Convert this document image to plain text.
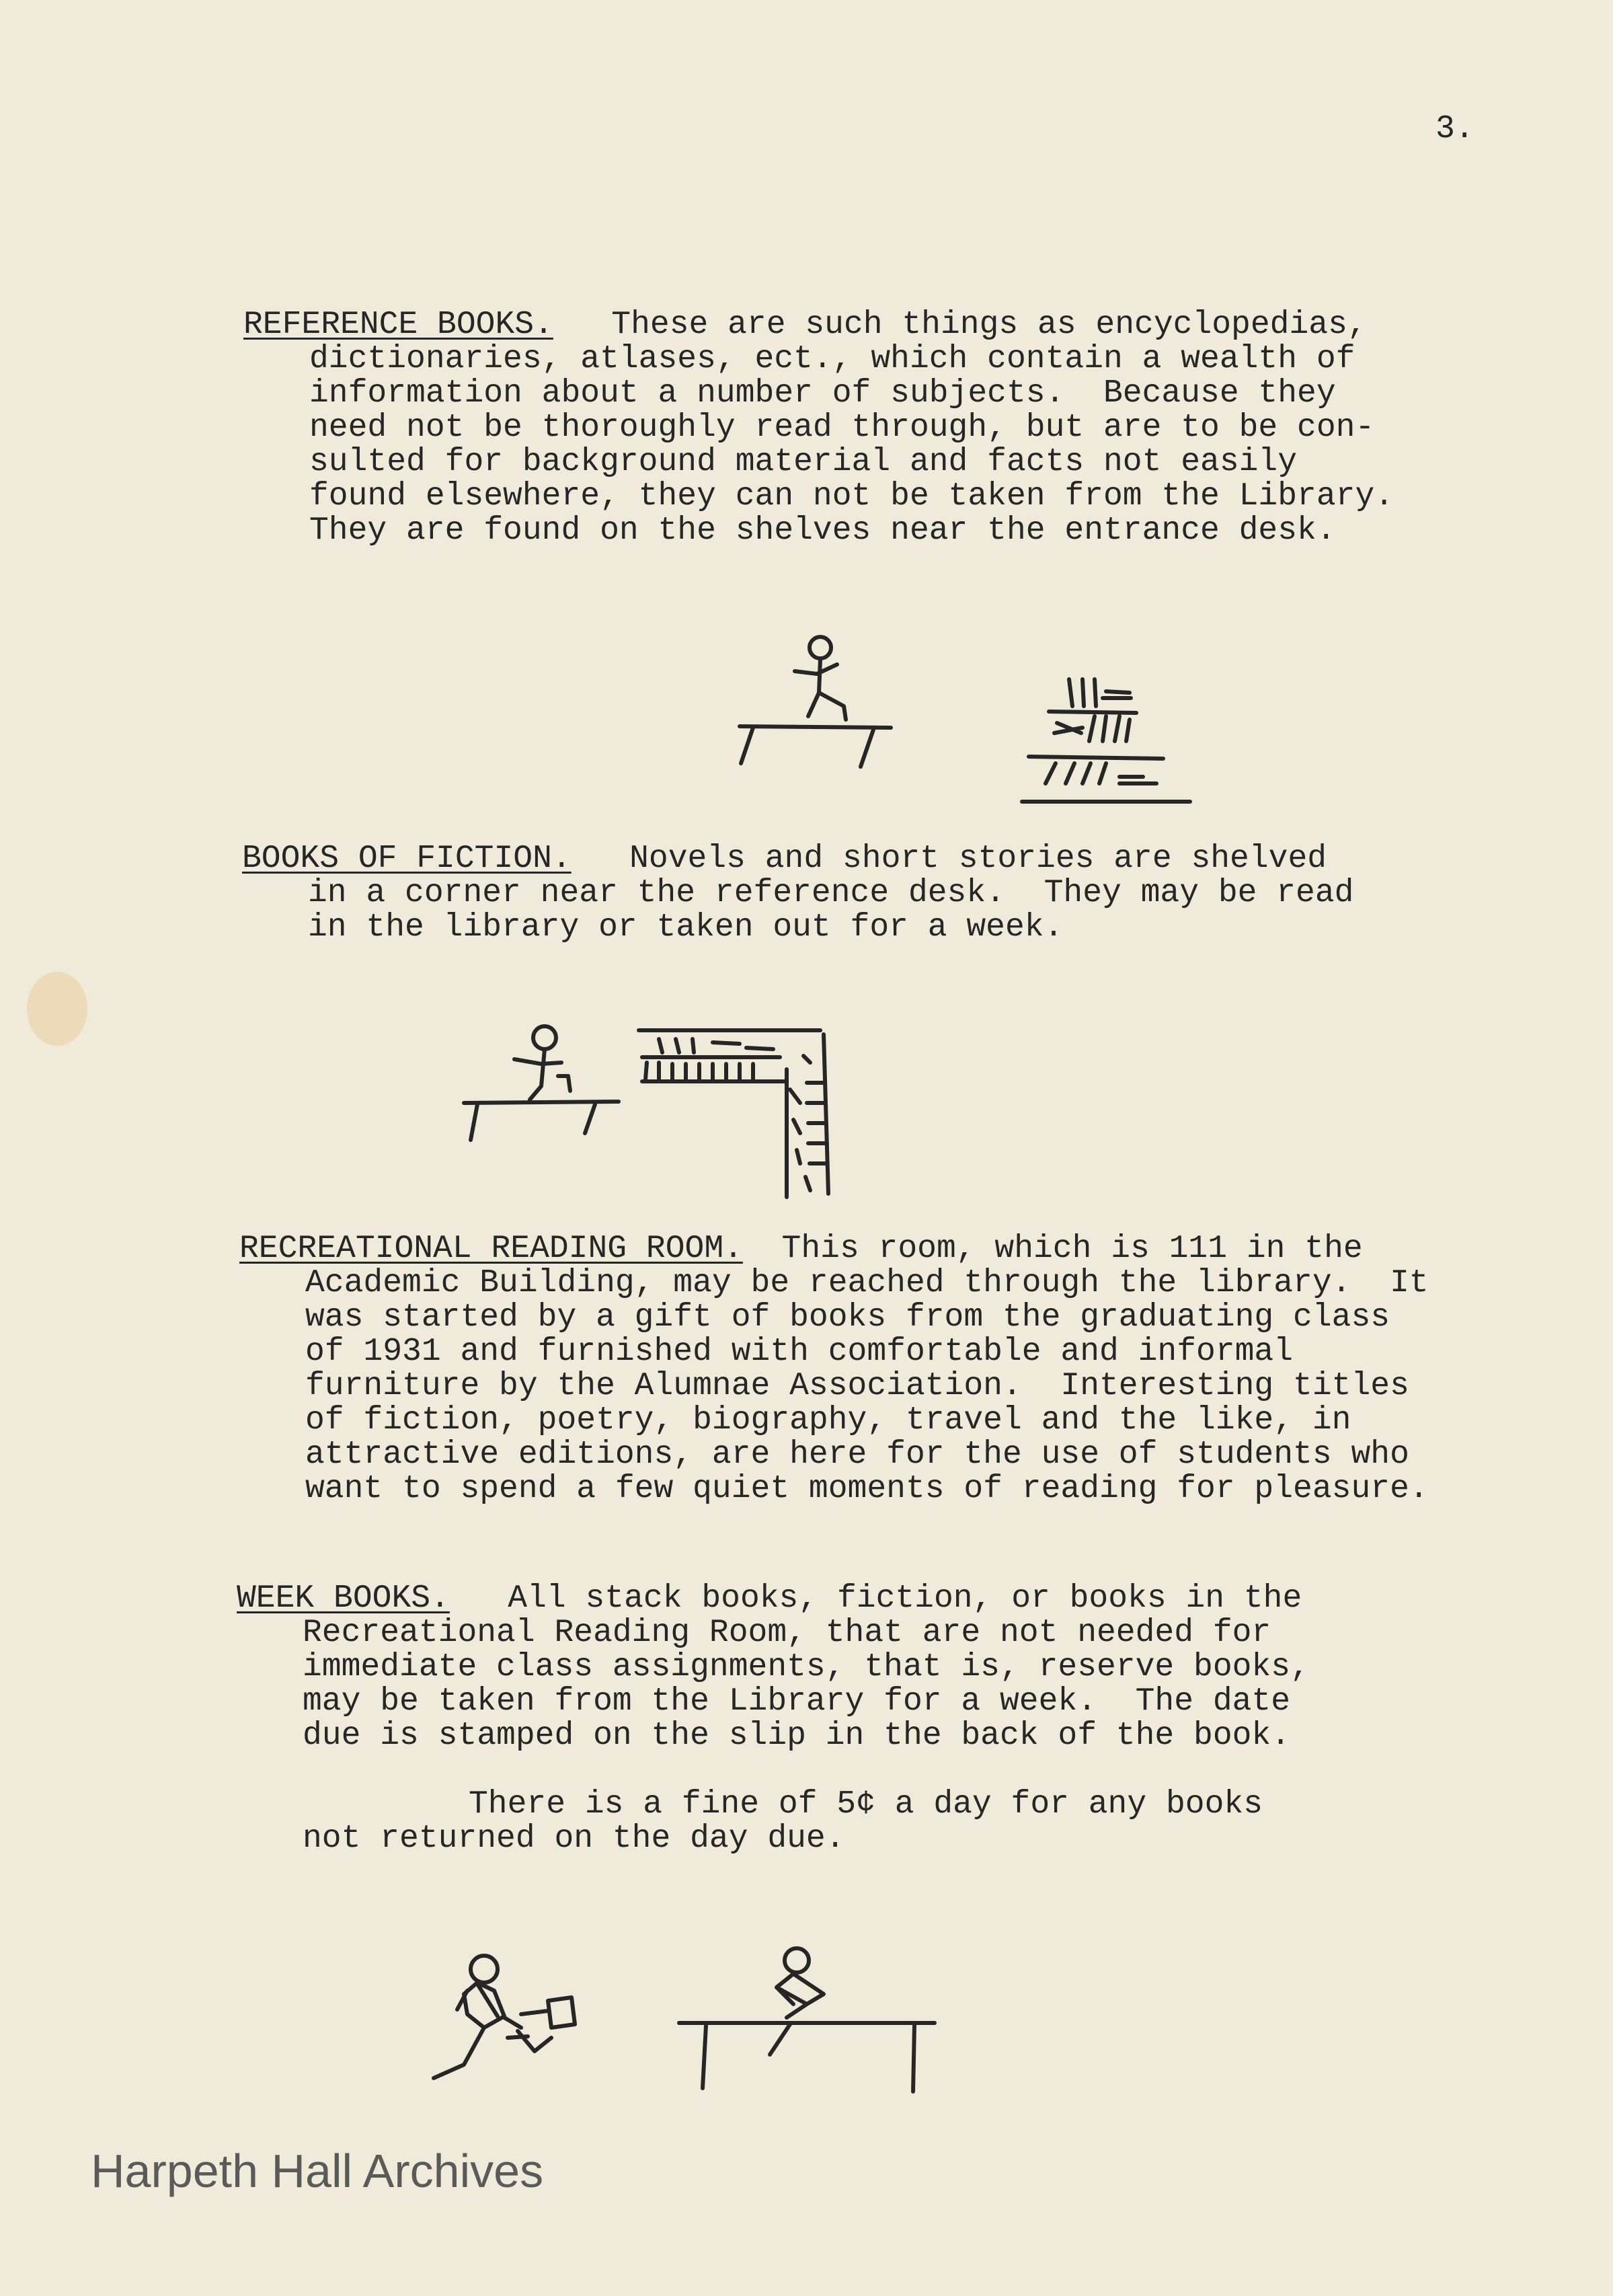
3.

REFERENCE BOOKS. These are such things as encyclopedias,

dictionaries, atlases, ect., which contain a wealth of

information about a number of subjects.  Because they

need not be thoroughly read through, but are to be con-

sulted for background material and facts not easily

found elsewhere, they can not be taken from the Library.

They are found on the shelves near the entrance desk.

BOOKS OF FICTION. Novels and short stories are shelved

in a corner near the reference desk.  They may be read

in the library or taken out for a week.

RECREATIONAL READING ROOM. This room, which is 111 in the

Academic Building, may be reached through the library.  It

was started by a gift of books from the graduating class

of 1931 and furnished with comfortable and informal

furniture by the Alumnae Association.  Interesting titles

of fiction, poetry, biography, travel and the like, in

attractive editions, are here for the use of students who

want to spend a few quiet moments of reading for pleasure.

WEEK BOOKS. All stack books, fiction, or books in the

Recreational Reading Room, that are not needed for

immediate class assignments, that is, reserve books,

may be taken from the Library for a week.  The date

due is stamped on the slip in the back of the book.

There is a fine of 5¢ a day for any books

not returned on the day due.

Harpeth Hall Archives
